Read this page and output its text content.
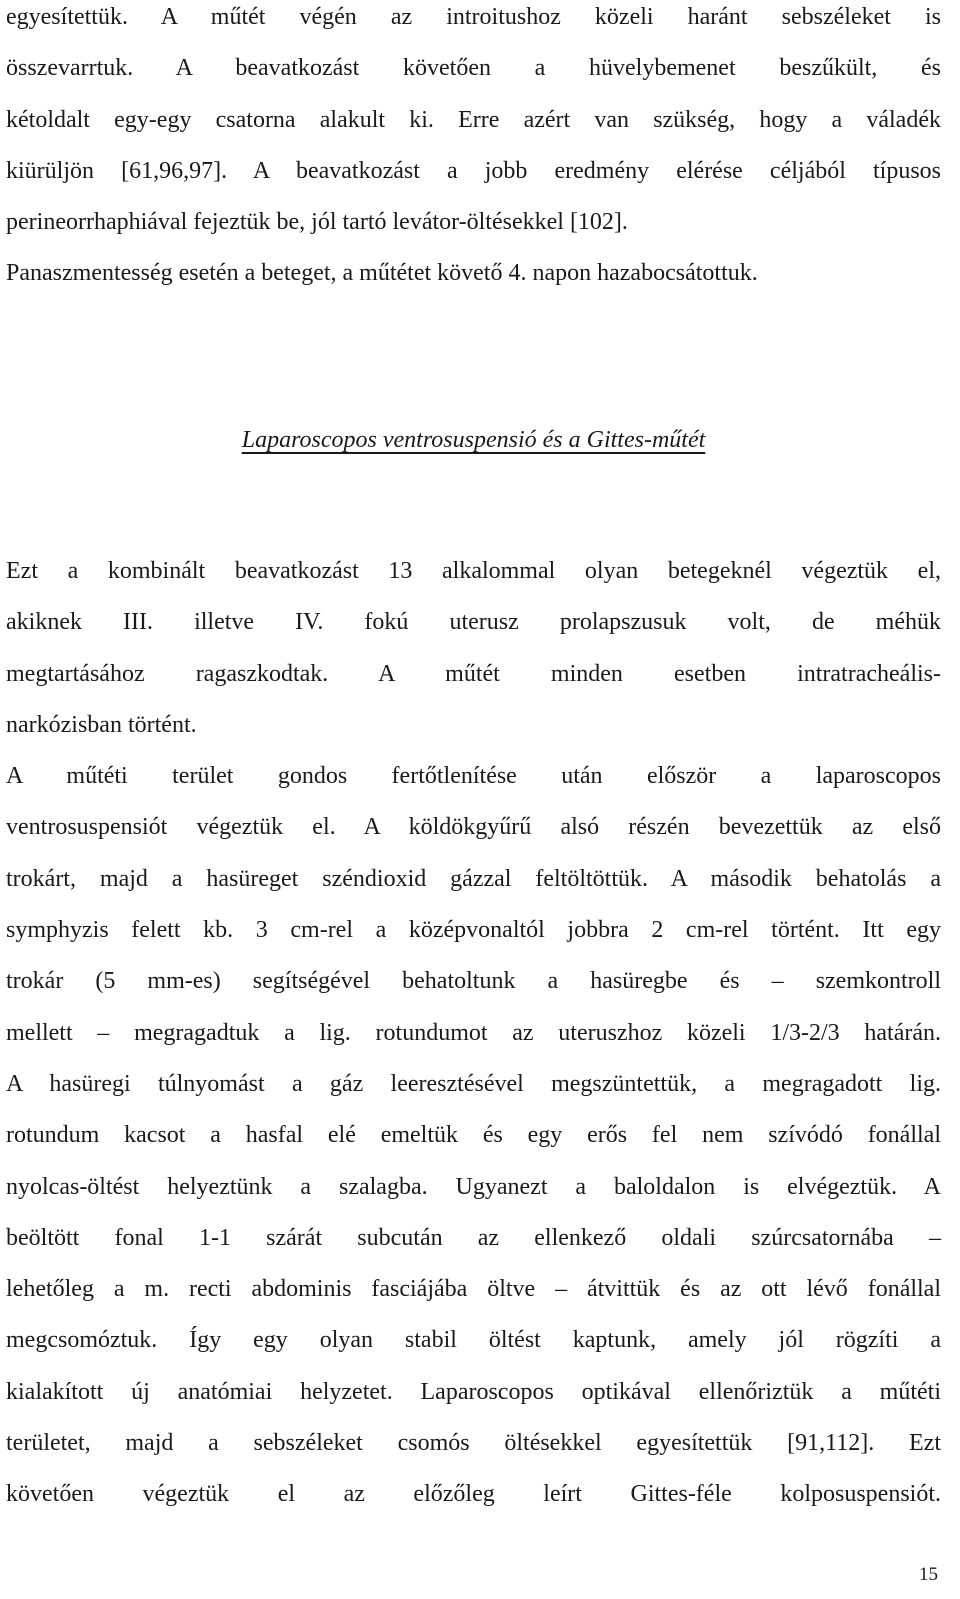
egyesítettük. A műtét végén az introitushoz közeli haránt sebszéleket is
összevarrtuk. A beavatkozást követően a hüvelybemenet beszűkült, és
kétoldalt egy-egy csatorna alakult ki. Erre azért van szükség, hogy a váladék
kiürüljön [61,96,97]. A beavatkozást a jobb eredmény elérése céljából típusos
perineorrhaphiával fejeztük be, jól tartó levátor-öltésekkel [102].
Panaszmentesség esetén a beteget, a műtétet követő 4. napon hazabocsátottuk.
Laparoscopos ventrosuspensió és a Gittes-műtét
Ezt a kombinált beavatkozást 13 alkalommal olyan betegeknél végeztük el,
akiknek III. illetve IV. fokú uterusz prolapszusuk volt, de méhük
megtartásához ragaszkodtak. A műtét minden esetben intratracheális-
narkózisban történt.
A műtéti terület gondos fertőtlenítése után először a laparoscopos
ventrosuspensiót végeztük el. A köldökgyűrű alsó részén bevezettük az első
trokárt, majd a hasüreget széndioxid gázzal feltöltöttük. A második behatolás a
symphyzis felett kb. 3 cm-rel a középvonaltól jobbra 2 cm-rel történt. Itt egy
trokár (5 mm-es) segítségével behatoltunk a hasüregbe és – szemkontroll
mellett – megragadtuk a lig. rotundumot az uteruszhoz közeli 1/3-2/3 határán.
A hasüregi túlnyomást a gáz leeresztésével megszüntettük, a megragadott lig.
rotundum kacsot a hasfal elé emeltük és egy erős fel nem szívódó fonállal
nyolcas-öltést helyeztünk a szalagba. Ugyanezt a baloldalon is elvégeztük. A
beöltött fonal 1-1 szárát subcután az ellenkező oldali szúrcsatornába –
lehetőleg a m. recti abdominis fasciájába öltve – átvittük és az ott lévő fonállal
megcsomóztuk. Így egy olyan stabil öltést kaptunk, amely jól rögzíti a
kialakított új anatómiai helyzetet. Laparoscopos optikával ellenőriztük a műtéti
területet, majd a sebszéleket csomós öltésekkel egyesítettük [91,112]. Ezt
követően végeztük el az előzőleg leírt Gittes-féle kolposuspensiót.
15
